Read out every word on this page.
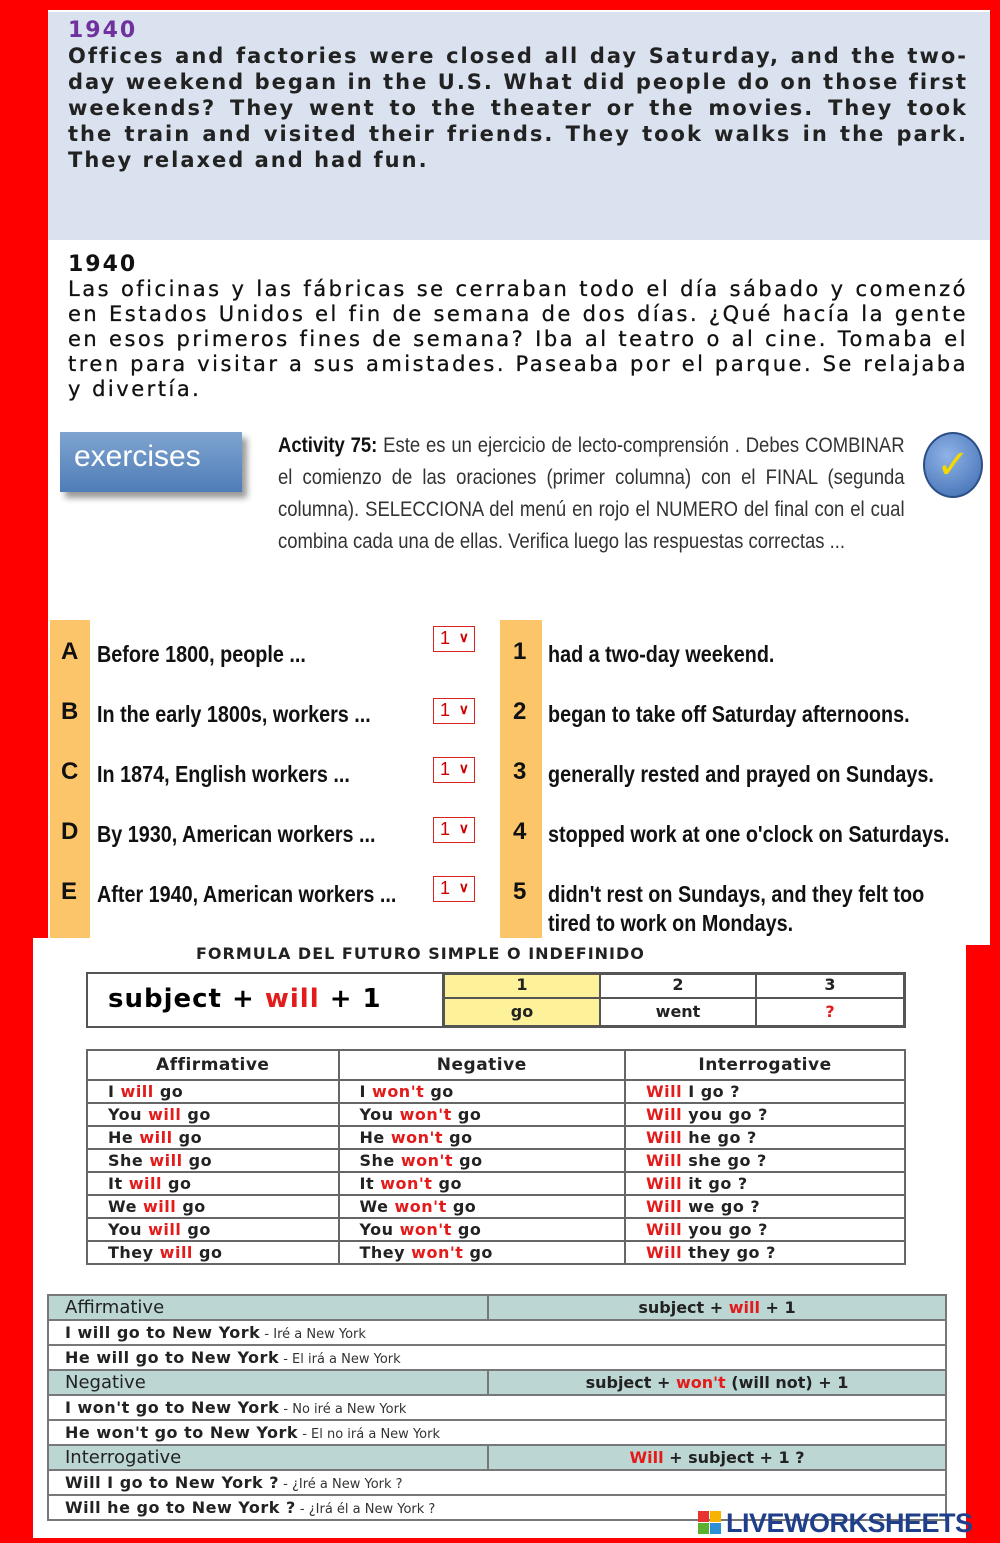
1940
Offices and factories were closed all day Saturday, and the two-day weekend began in the U.S. What did people do on those first weekends? They went to the theater or the movies. They took the train and visited their friends. They took walks in the park. They relaxed and had fun.
1940
Las oficinas y las fábricas se cerraban todo el día sábado y comenzó en Estados Unidos el fin de semana de dos días. ¿Qué hacía la gente en esos primeros fines de semana? Iba al teatro o al cine. Tomaba el tren para visitar a sus amistades. Paseaba por el parque. Se relajaba y divertía.
exercises	Activity 75: Este es un ejercicio de lecto-comprensión . Debes COMBINAR el comienzo de las oraciones (primer columna) con el FINAL (segunda columna). SELECCIONA del menú en rojo el NUMERO del final con el cual combina cada una de ellas. Verifica luego las respuestas correctas ...
✓
A Before 1800, people ...
1 ∨
B In the early 1800s, workers ...	1 ∨
C In 1874, English workers ...	1 ∨
D By 1930, American workers ...	1 ∨
E After 1940, American workers ...	1 ∨
1 had a two-day weekend.
2 began to take off Saturday afternoons.
3 generally rested and prayed on Sundays.
4 stopped work at one o'clock on Saturdays.
5 didn't rest on Sundays, and they felt too
tired to work on Mondays.
FORMULA DEL FUTURO SIMPLE O INDEFINIDO
subject + will + 1	1	2	3
go	went	?
Affirmative	Negative	Interrogative
I will go	I won't go	Will I go ?
You will go	You won't go	Will you go ?
He will go	He won't go	Will he go ?
She will go	She won't go	Will she go ?
It will go	It won't go	Will it go ?
We will go	We won't go	Will we go ?
You will go	You won't go	Will you go ?
They will go	They won't go	Will they go ?
Affirmative	subject + will + 1
I will go to New York - Iré a New York	
He will go to New York - El irá a New York	
Negative	subject + won't (will not) + 1
I won't go to New York - No iré a New York	
He won't go to New York - El no irá a New York	
Interrogative	Will + subject + 1 ?
Will I go to New York ? - ¿Iré a New York ?	
Will he go to New York ? - ¿Irá él a New York ?		LIVEWORKSHEETS
